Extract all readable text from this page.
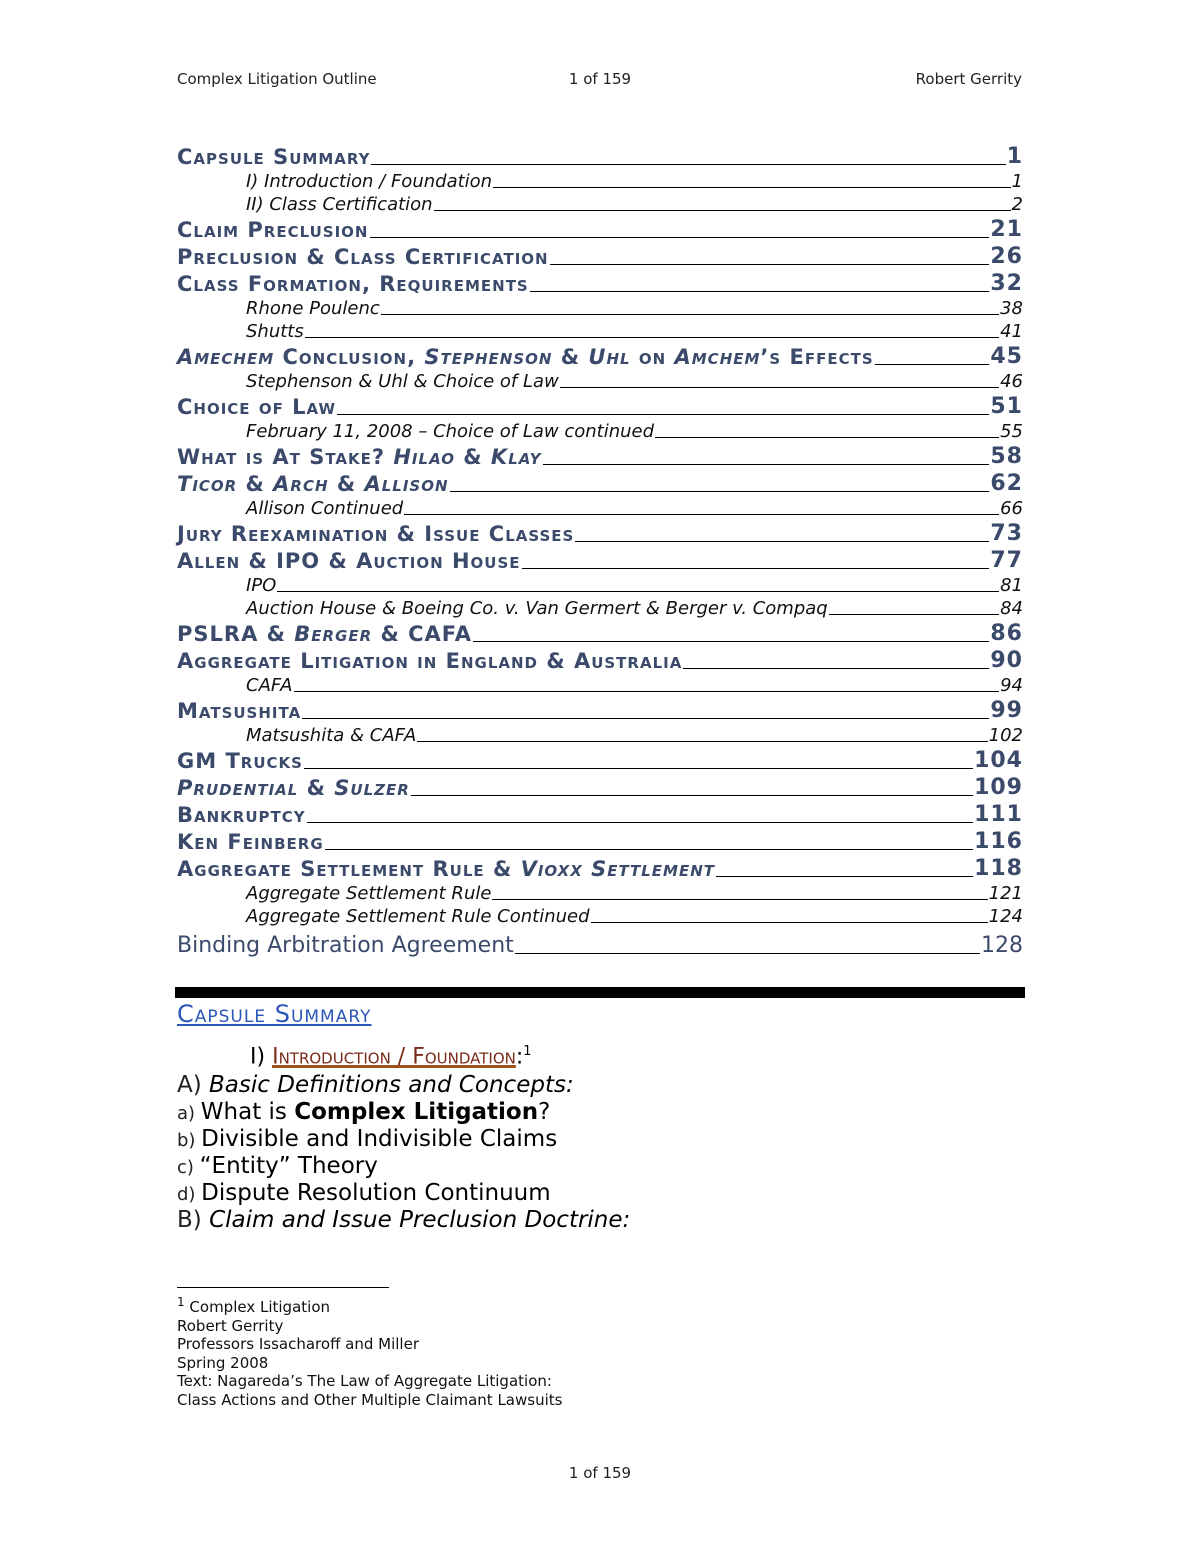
Complex Litigation Outline	1 of 159	Robert Gerrity
Capsule Summary	1
I) Introduction / Foundation	1
II) Class Certification	2
Claim Preclusion	21
Preclusion & Class Certification	26
Class Formation, Requirements	32
Rhone Poulenc	38
Shutts	41
Amechem Conclusion, Stephenson & Uhl on Amchem’s Effects	45
Stephenson & Uhl & Choice of Law	46
Choice of Law	51
February 11, 2008 – Choice of Law continued	55
What is At Stake? Hilao & Klay	58
Ticor & Arch & Allison	62
Allison Continued	66
Jury Reexamination & Issue Classes	73
Allen & IPO & Auction House	77
IPO	81
Auction House & Boeing Co. v. Van Germert & Berger v. Compaq	84
PSLRA & Berger & CAFA	86
Aggregate Litigation in England & Australia	90
CAFA	94
Matsushita	99
Matsushita & CAFA	102
GM Trucks	104
Prudential & Sulzer	109
Bankruptcy	111
Ken Feinberg	116
Aggregate Settlement Rule & Vioxx Settlement	118
Aggregate Settlement Rule	121
Aggregate Settlement Rule Continued	124
Binding Arbitration Agreement	128
Capsule Summary
I) Introduction / Foundation:$^1$
A) Basic Definitions and Concepts:
a) What is Complex Litigation?
b) Divisible and Indivisible Claims
c) “Entity” Theory
d) Dispute Resolution Continuum
B) Claim and Issue Preclusion Doctrine:
$^1$ Complex Litigation
Robert Gerrity
Professors Issacharoff and Miller
Spring 2008
Text: Nagareda’s The Law of Aggregate Litigation:
Class Actions and Other Multiple Claimant Lawsuits
1 of 159
